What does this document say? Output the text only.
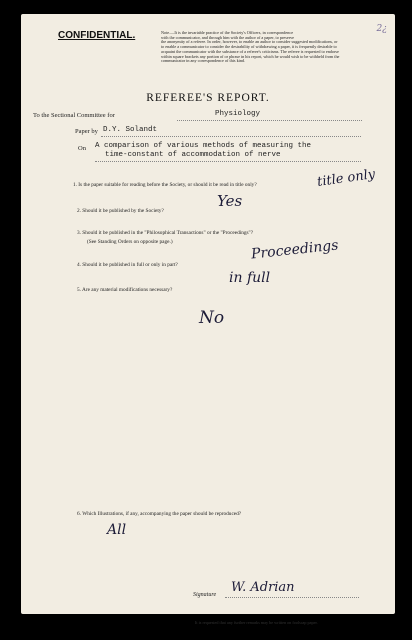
2¿
CONFIDENTIAL.	Note.—It is the invariable practice of the Society's Officers, in correspondence
with the communicator, and through him with the author of a paper, to preserve
the anonymity of a referee. In order, however, to enable an author to consider suggested modifications, or
to enable a communicator to consider the desirability of withdrawing a paper, it is frequently desirable to
acquaint the communicator with the substance of a referee's criticisms. The referee is requested to endorse
within square brackets any portion of or phrase in his report, which he would wish to be withheld from the
communicator in any correspondence of this kind.
REFEREE'S REPORT.
To the Sectional Committee for	Physiology
Paper by D.Y. Solandt
On A comparison of various methods of measuring the
time-constant of accommodation of nerve
1. Is the paper suitable for reading before the Society, or should it be read in title only?	title only
2. Should it be published by the Society?
Yes
3. Should it be published in the "Philosophical Transactions" or the "Proceedings"?
(See Standing Orders on opposite page.)	Proceedings
4. Should it be published in full or only in part?
in full
5. Are any material modifications necessary?
No
6. Which Illustrations, if any, accompanying the paper should be reproduced?
All
Signature W. Adrian
It is requested that any further remarks may be written on foolscap paper.
